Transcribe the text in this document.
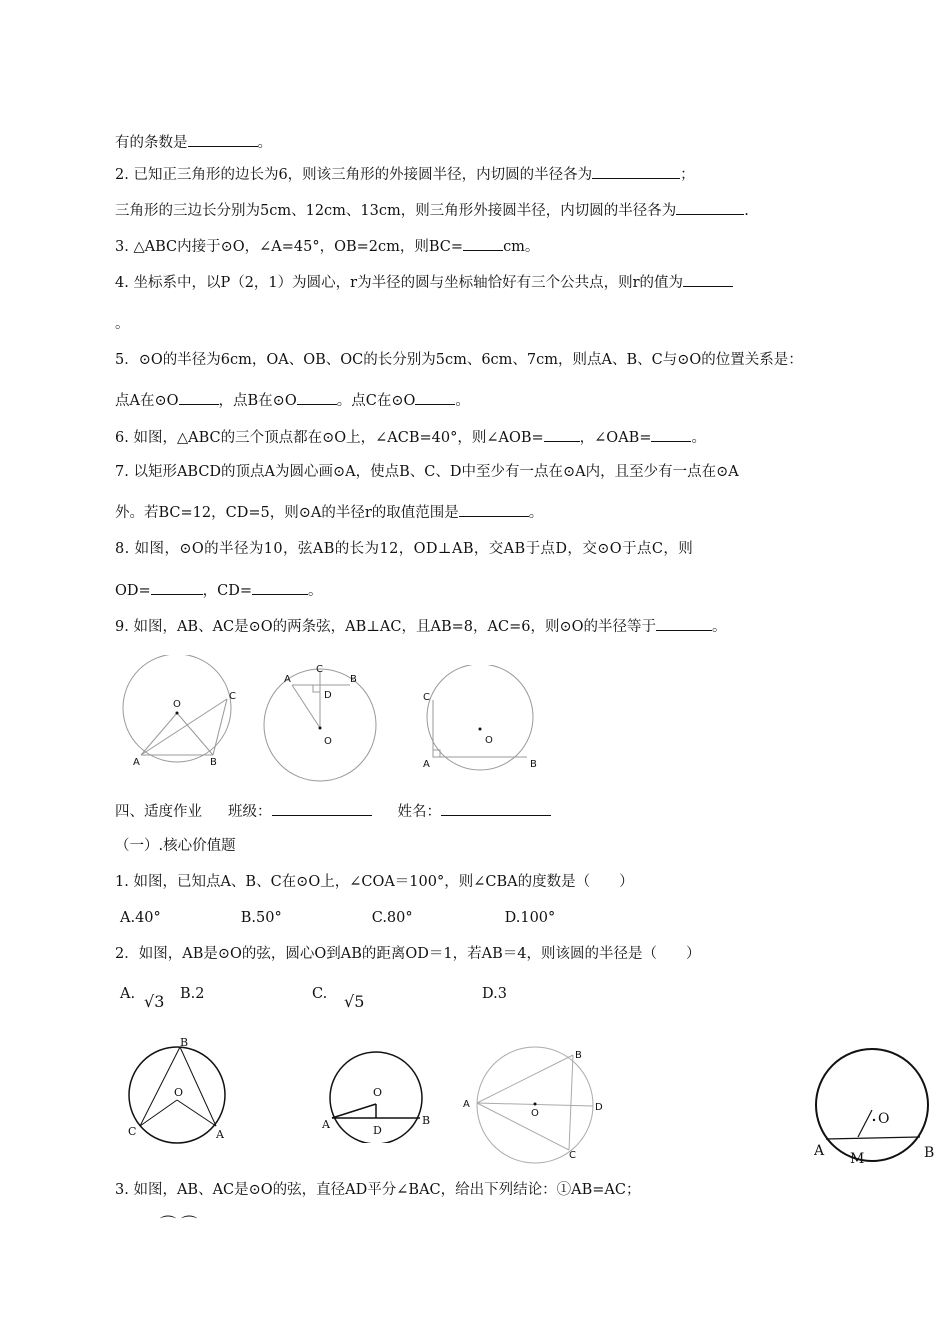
有的条数是	。
2. 已知正三角形的边长为6，则该三角形的外接圆半径，内切圆的半径各为	；
三角形的三边长分别为5cm、12cm、13cm，则三角形外接圆半径，内切圆的半径各为	.
3. △ABC内接于⊙O，∠A=45°，OB=2cm，则BC=	cm。
4. 坐标系中，以P（2，1）为圆心，r为半径的圆与坐标轴恰好有三个公共点，则r的值为
。
5．⊙O的半径为6cm，OA、OB、OC的长分别为5cm、6cm、7cm，则点A、B、C与⊙O的位置关系是：
点A在⊙O	，点B在⊙O	。点C在⊙O	。
6. 如图，△ABC的三个顶点都在⊙O上，∠ACB=40°，则∠AOB= ，∠OAB=	。
7. 以矩形ABCD的顶点A为圆心画⊙A，使点B、C、D中至少有一点在⊙A内，且至少有一点在⊙A
外。若BC=12，CD=5，则⊙A的半径r的取值范围是	。
8. 如图，⊙O的半径为10，弦AB的长为12，OD⊥AB，交AB于点D，交⊙O于点C，则
OD=	，CD=	。
9. 如图，AB、AC是⊙O的两条弦，AB⊥AC，且AB=8，AC=6，则⊙O的半径等于	。
O
A	B
C
A	B
C
D
O
C
O
A	B
四、适度作业 班级：	姓名：
（一）.核心价值题
1. 如图，已知点A、B、C在⊙O上，∠COA＝100°，则∠CBA的度数是（　　）
A.40°	B.50°	C.80°	D.100°
2．如图，AB是⊙O的弦，圆心O到AB的距离OD＝1，若AB＝4，则该圆的半径是（　　）
A. √3 B.2	C. √5	D.3
B
O
C	A
O
A	D
B
B
A
O
D
C
O
A M	B
3. 如图，AB、AC是⊙O的弦，直径AD平分∠BAC，给出下列结论：①AB=AC；
⌒ ⌒
